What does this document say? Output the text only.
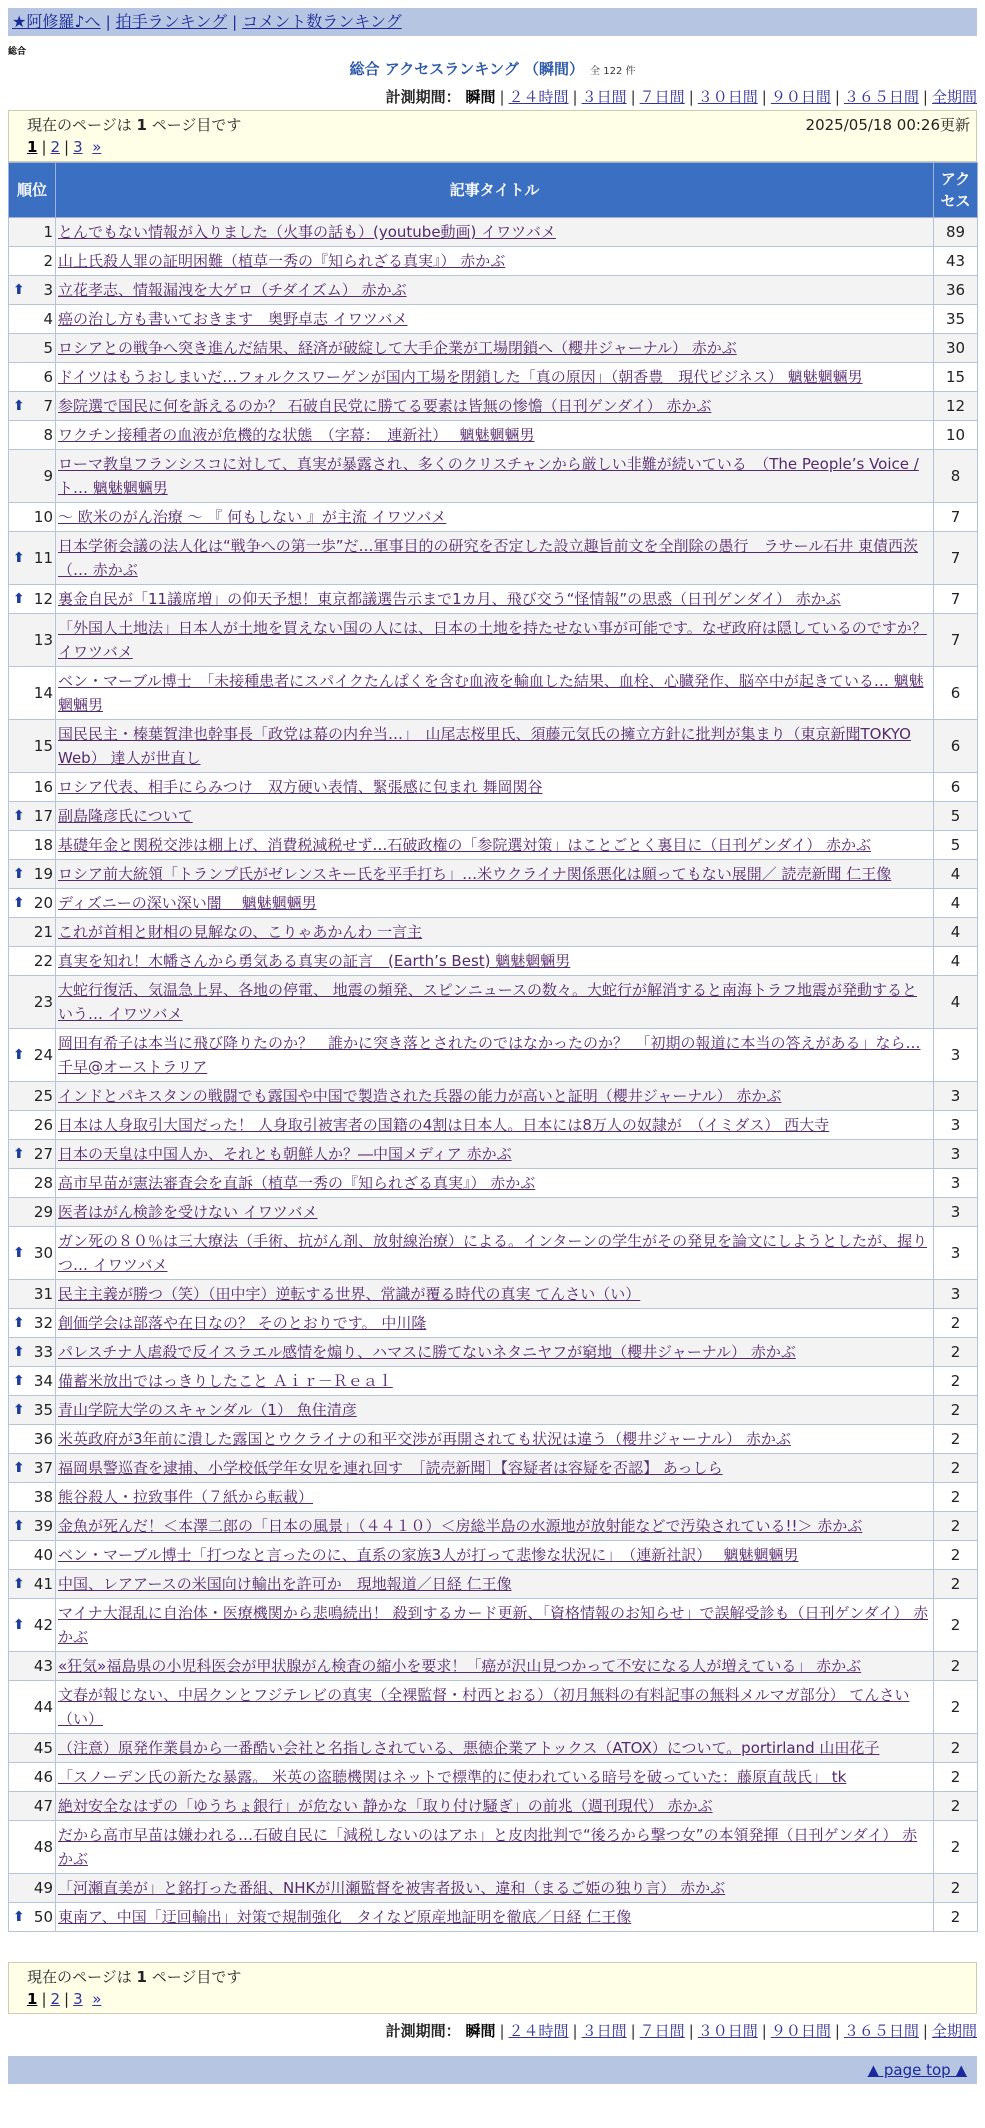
★阿修羅♪へ | 拍手ランキング | コメント数ランキング
総合
総合 アクセスランキング （瞬間） 全 122 件
計測期間： 瞬間 | ２４時間 | ３日間 | ７日間 | ３０日間 | ９０日間 | ３６５日間 | 全期間
現在のページは 1 ページ目です	2025/05/18 00:26更新
1 | 2 | 3 »
順位	記事タイトル	アクセス
1	とんでもない情報が入りました（火事の話も）(youtube動画) イワツバメ	89
2	山上氏殺人罪の証明困難（植草一秀の『知られざる真実』） 赤かぶ	43

⬆ 3	立花孝志、情報漏洩を大ゲロ（チダイズム） 赤かぶ	36
4	癌の治し方も書いておきます　奥野卓志 イワツバメ	35
5	ロシアとの戦争へ突き進んだ結果、経済が破綻して大手企業が工場閉鎖へ（櫻井ジャーナル） 赤かぶ	30
6	ドイツはもうおしまいだ…フォルクスワーゲンが国内工場を閉鎖した「真の原因」（朝香豊　現代ビジネス） 魑魅魍魎男	15

⬆ 7	参院選で国民に何を訴えるのか？ 石破自民党に勝てる要素は皆無の惨憺（日刊ゲンダイ） 赤かぶ	12
8	ワクチン接種者の血液が危機的な状態　（字幕：　連新社）　 魑魅魍魎男	10
9	ローマ教皇フランシスコに対して、真実が暴露され、多くのクリスチャンから厳しい非難が続いている　（The People’s Voice / ト… 魑魅魍魎男	8
10	～ 欧米のがん治療 ～ 『 何もしない 』が主流 イワツバメ	7

⬆ 11	日本学術会議の法人化は“戦争への第一歩”だ…軍事目的の研究を否定した設立趣旨前文を全削除の愚行　ラサール石井 東債西茨（… 赤かぶ	7

⬆ 12	裏金自民が「11議席増」の仰天予想！東京都議選告示まで1カ月、飛び交う“怪情報”の思惑（日刊ゲンダイ） 赤かぶ	7
13	「外国人土地法」日本人が土地を買えない国の人には、日本の土地を持たせない事が可能です。なぜ政府は隠しているのですか？ イワツバメ	7
14	ベン・マーブル博士　「未接種患者にスパイクたんぱくを含む血液を輸血した結果、血栓、心臓発作、脳卒中が起きている… 魑魅魍魎男	6
15	国民民主・榛葉賀津也幹事長「政党は幕の内弁当…」　山尾志桜里氏、須藤元気氏の擁立方針に批判が集まり（東京新聞TOKYO Web） 達人が世直し	6
16	ロシア代表、相手にらみつけ　双方硬い表情、緊張感に包まれ 舞岡関谷	6

⬆ 17	副島隆彦氏について	5
18	基礎年金と関税交渉は棚上げ、消費税減税せず…石破政権の「参院選対策」はことごとく裏目に（日刊ゲンダイ） 赤かぶ	5

⬆ 19	ロシア前大統領「トランプ氏がゼレンスキー氏を平手打ち」…米ウクライナ関係悪化は願ってもない展開／ 読売新聞 仁王像	4

⬆ 20	ディズニーの深い深い闇　 魑魅魍魎男	4
21	これが首相と財相の見解なの、こりゃあかんわ 一言主	4
22	真実を知れ！木幡さんから勇気ある真実の証言　(Earth’s Best) 魑魅魍魎男	4
23	大蛇行復活、気温急上昇、各地の停電、 地震の頻発、スピンニュースの数々。大蛇行が解消すると南海トラフ地震が発動するという… イワツバメ	4

⬆ 24	岡田有希子は本当に飛び降りたのか？　誰かに突き落とされたのではなかったのか？　「初期の報道に本当の答えがある」なら… 千早@オーストラリア	3
25	インドとパキスタンの戦闘でも露国や中国で製造された兵器の能力が高いと証明（櫻井ジャーナル） 赤かぶ	3
26	日本は人身取引大国だった！ 人身取引被害者の国籍の4割は日本人。日本には8万人の奴隷が　（イミダス） 西大寺	3

⬆ 27	日本の天皇は中国人か、それとも朝鮮人か？―中国メディア 赤かぶ	3
28	高市早苗が憲法審査会を直訴（植草一秀の『知られざる真実』） 赤かぶ	3
29	医者はがん検診を受けない イワツバメ	3

⬆ 30	ガン死の８０％は三大療法（手術、抗がん剤、放射線治療）による。インターンの学生がその発見を論文にしようとしたが、握りつ… イワツバメ	3
31	民主主義が勝つ（笑）（田中宇）逆転する世界、常識が覆る時代の真実 てんさい（い）	3

⬆ 32	創価学会は部落や在日なの？ そのとおりです。 中川隆	2

⬆ 33	パレスチナ人虐殺で反イスラエル感情を煽り、ハマスに勝てないネタニヤフが窮地（櫻井ジャーナル） 赤かぶ	2

⬆ 34	備蓄米放出ではっきりしたこと Ａｉｒ－Ｒｅａｌ	2

⬆ 35	青山学院大学のスキャンダル（1） 魚住清彦	2
36	米英政府が3年前に潰した露国とウクライナの和平交渉が再開されても状況は違う（櫻井ジャーナル） 赤かぶ	2

⬆ 37	福岡県警巡査を逮捕、小学校低学年女児を連れ回す　［読売新聞］【容疑者は容疑を否認】 あっしら	2
38	熊谷殺人・拉致事件（７紙から転載）	2

⬆ 39	金魚が死んだ！＜本澤二郎の「日本の風景」（４４１０）＜房総半島の水源地が放射能などで汚染されている!!＞ 赤かぶ	2
40	ベン・マーブル博士「打つなと言ったのに、直系の家族3人が打って悲惨な状況に」　（連新社訳）　 魑魅魍魎男	2

⬆ 41	中国、レアアースの米国向け輸出を許可か　現地報道／日経 仁王像	2

⬆ 42	マイナ大混乱に自治体・医療機関から悲鳴続出！ 殺到するカード更新、「資格情報のお知らせ」で誤解受診も（日刊ゲンダイ） 赤かぶ	2
43	«狂気»福島県の小児科医会が甲状腺がん検査の縮小を要求！「癌が沢山見つかって不安になる人が増えている」 赤かぶ	2
44	文春が報じない、中居クンとフジテレビの真実（全裸監督・村西とおる）（初月無料の有料記事の無料メルマガ部分） てんさい（い）	2
45	（注意）原発作業員から一番酷い会社と名指しされている、悪徳企業アトックス（ATOX）について。portirland 山田花子	2
46	「スノーデン氏の新たな暴露。 米英の盗聴機関はネットで標準的に使われている暗号を破っていた：藤原直哉氏」 tk	2
47	絶対安全なはずの「ゆうちょ銀行」が危ない 静かな「取り付け騒ぎ」の前兆（週刊現代） 赤かぶ	2
48	だから高市早苗は嫌われる…石破自民に「減税しないのはアホ」と皮肉批判で“後ろから撃つ女”の本領発揮（日刊ゲンダイ） 赤かぶ	2
49	「河瀬直美が」と銘打った番組、NHKが川瀬監督を被害者扱い、違和（まるご姫の独り言） 赤かぶ	2

⬆ 50	東南ア、中国「迂回輸出」対策で規制強化　タイなど原産地証明を徹底／日経 仁王像	2
現在のページは 1 ページ目です
1 | 2 | 3 »
計測期間： 瞬間 | ２４時間 | ３日間 | ７日間 | ３０日間 | ９０日間 | ３６５日間 | 全期間
▲ page top ▲
